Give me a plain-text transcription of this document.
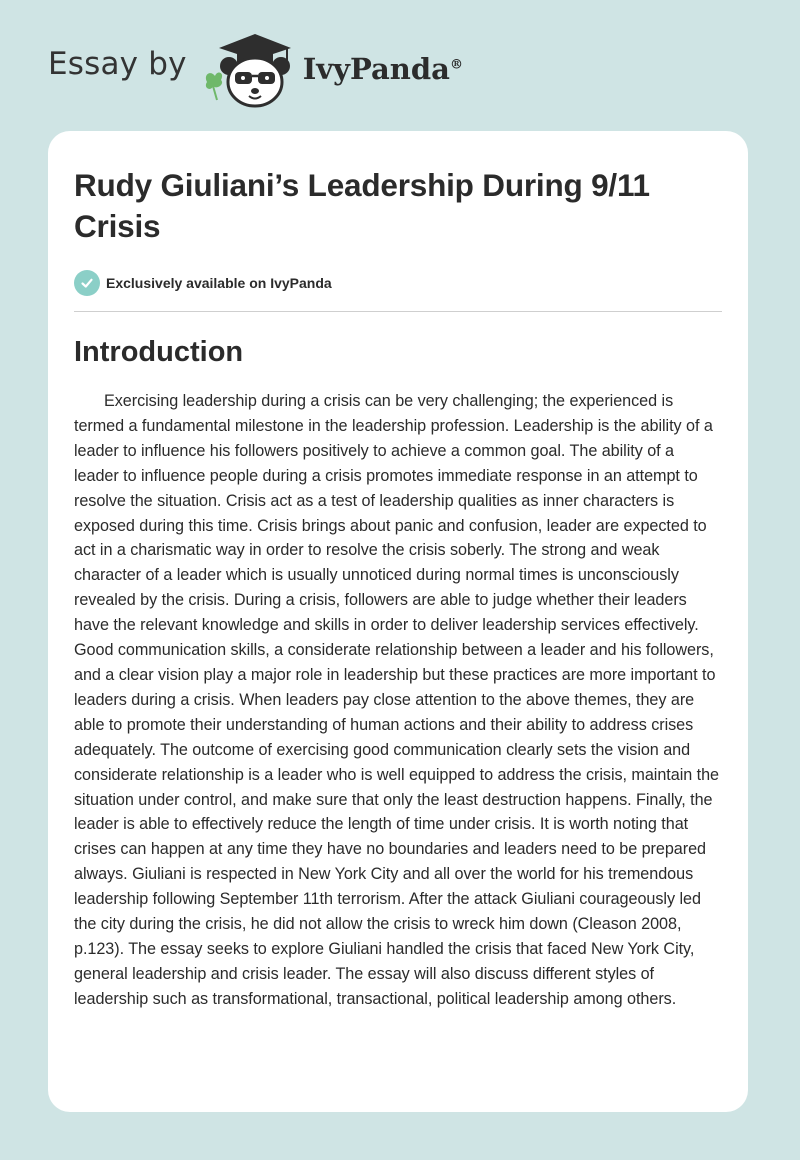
Essay by	IvyPanda®
Rudy Giuliani’s Leadership During 9/11 Crisis
Exclusively available on IvyPanda
Introduction

Exercising leadership during a crisis can be very challenging; the experienced is termed a fundamental milestone in the leadership profession. Leadership is the ability of a leader to influence his followers positively to achieve a common goal. The ability of a leader to influence people during a crisis promotes immediate response in an attempt to resolve the situation. Crisis act as a test of leadership qualities as inner characters is exposed during this time. Crisis brings about panic and confusion, leader are expected to act in a charismatic way in order to resolve the crisis soberly. The strong and weak character of a leader which is usually unnoticed during normal times is unconsciously revealed by the crisis. During a crisis, followers are able to judge whether their leaders have the relevant knowledge and skills in order to deliver leadership services effectively. Good communication skills, a considerate relationship between a leader and his followers, and a clear vision play a major role in leadership but these practices are more important to leaders during a crisis. When leaders pay close attention to the above themes, they are able to promote their understanding of human actions and their ability to address crises adequately. The outcome of exercising good communication clearly sets the vision and considerate relationship is a leader who is well equipped to address the crisis, maintain the situation under control, and make sure that only the least destruction happens. Finally, the leader is able to effectively reduce the length of time under crisis. It is worth noting that crises can happen at any time they have no boundaries and leaders need to be prepared always. Giuliani is respected in New York City and all over the world for his tremendous leadership following September 11th terrorism. After the attack Giuliani courageously led the city during the crisis, he did not allow the crisis to wreck him down (Cleason 2008, p.123). The essay seeks to explore Giuliani handled the crisis that faced New York City, general leadership and crisis leader. The essay will also discuss different styles of leadership such as transformational, transactional, political leadership among others.
